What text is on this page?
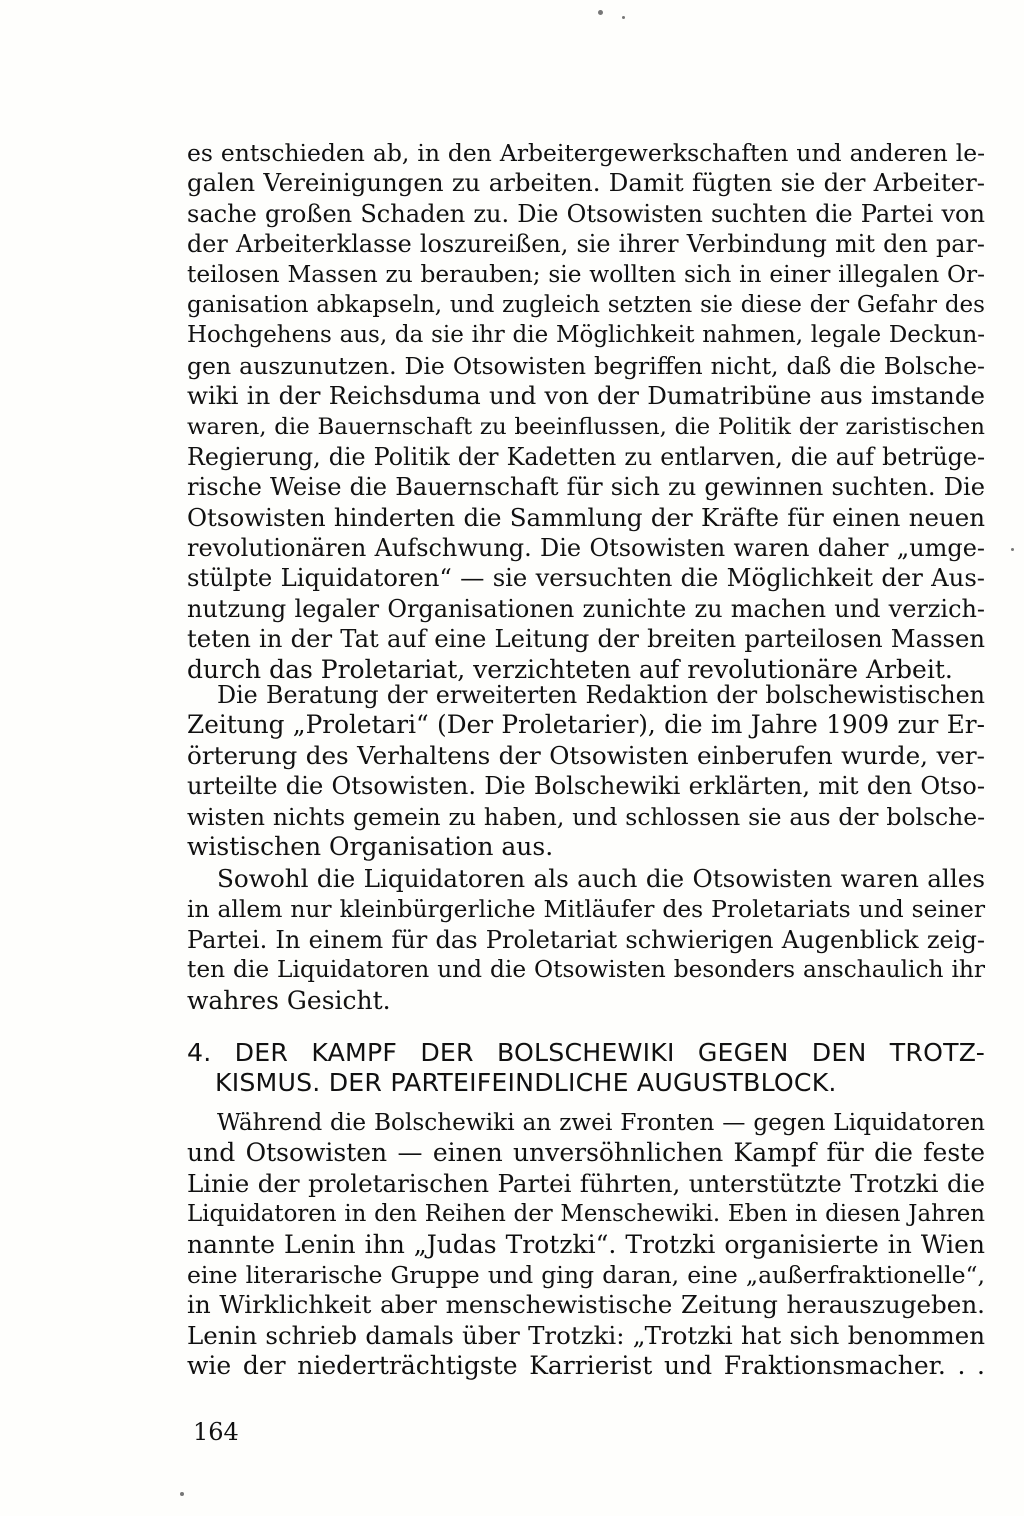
es entschieden ab, in den Arbeitergewerkschaften und anderen le-
galen Vereinigungen zu arbeiten. Damit fügten sie der Arbeiter-
sache großen Schaden zu. Die Otsowisten suchten die Partei von
der Arbeiterklasse loszureißen, sie ihrer Verbindung mit den par-
teilosen Massen zu berauben; sie wollten sich in einer illegalen Or-
ganisation abkapseln, und zugleich setzten sie diese der Gefahr des
Hochgehens aus, da sie ihr die Möglichkeit nahmen, legale Deckun-
gen auszunutzen. Die Otsowisten begriffen nicht, daß die Bolsche-
wiki in der Reichsduma und von der Dumatribüne aus imstande
waren, die Bauernschaft zu beeinflussen, die Politik der zaristischen
Regierung, die Politik der Kadetten zu entlarven, die auf betrüge-
rische Weise die Bauernschaft für sich zu gewinnen suchten. Die
Otsowisten hinderten die Sammlung der Kräfte für einen neuen
revolutionären Aufschwung. Die Otsowisten waren daher „umge-
stülpte Liquidatoren“ — sie versuchten die Möglichkeit der Aus-
nutzung legaler Organisationen zunichte zu machen und verzich-
teten in der Tat auf eine Leitung der breiten parteilosen Massen
durch das Proletariat, verzichteten auf revolutionäre Arbeit.
Die Beratung der erweiterten Redaktion der bolschewistischen
Zeitung „Proletari“ (Der Proletarier), die im Jahre 1909 zur Er-
örterung des Verhaltens der Otsowisten einberufen wurde, ver-
urteilte die Otsowisten. Die Bolschewiki erklärten, mit den Otso-
wisten nichts gemein zu haben, und schlossen sie aus der bolsche-
wistischen Organisation aus.
Sowohl die Liquidatoren als auch die Otsowisten waren alles
in allem nur kleinbürgerliche Mitläufer des Proletariats und seiner
Partei. In einem für das Proletariat schwierigen Augenblick zeig-
ten die Liquidatoren und die Otsowisten besonders anschaulich ihr
wahres Gesicht.
4. DER KAMPF DER BOLSCHEWIKI GEGEN DEN TROTZ-
KISMUS. DER PARTEIFEINDLICHE AUGUSTBLOCK.
Während die Bolschewiki an zwei Fronten — gegen Liquidatoren
und Otsowisten — einen unversöhnlichen Kampf für die feste
Linie der proletarischen Partei führten, unterstützte Trotzki die
Liquidatoren in den Reihen der Menschewiki. Eben in diesen Jahren
nannte Lenin ihn „Judas Trotzki“. Trotzki organisierte in Wien
eine literarische Gruppe und ging daran, eine „außerfraktionelle“,
in Wirklichkeit aber menschewistische Zeitung herauszugeben.
Lenin schrieb damals über Trotzki: „Trotzki hat sich benommen
wie der niederträchtigste Karrierist und Fraktionsmacher. . .
164
